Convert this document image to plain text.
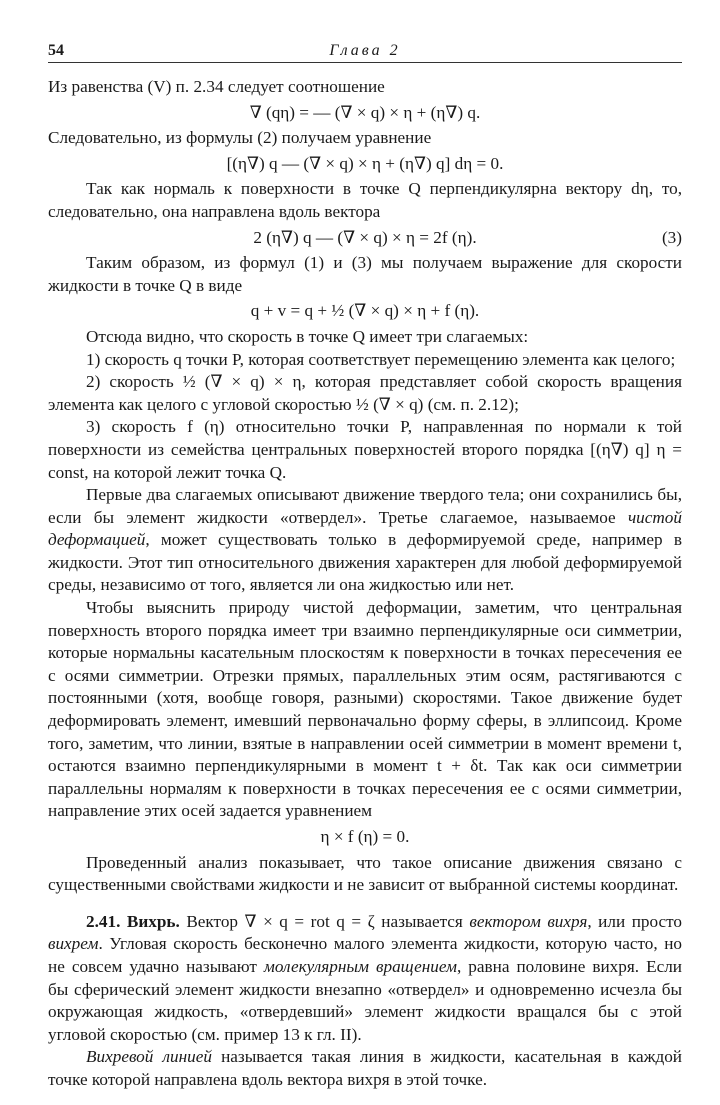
54	Глава 2

Из равенства (V) п. 2.34 следует соотношение

∇ (qη) = — (∇ × q) × η + (η∇) q.

Следовательно, из формулы (2) получаем уравнение

[(η∇) q — (∇ × q) × η + (η∇) q] dη = 0.

Так как нормаль к поверхности в точке Q перпендикулярна вектору dη, то, следовательно, она направлена вдоль вектора

2 (η∇) q — (∇ × q) × η = 2f (η).	(3)

Таким образом, из формул (1) и (3) мы получаем выражение для скорости жидкости в точке Q в виде

q + v = q + ½ (∇ × q) × η + f (η).

Отсюда видно, что скорость в точке Q имеет три слагаемых:

1) скорость q точки P, которая соответствует перемещению элемента как целого;

2) скорость ½ (∇ × q) × η, которая представляет собой скорость вращения элемента как целого с угловой скоростью ½ (∇ × q) (см. п. 2.12);

3) скорость f (η) относительно точки P, направленная по нормали к той поверхности из семейства центральных поверхностей второго порядка [(η∇) q] η = const, на которой лежит точка Q.

Первые два слагаемых описывают движение твердого тела; они сохранились бы, если бы элемент жидкости «отвердел». Третье слагаемое, называемое чистой деформацией, может существовать только в деформируемой среде, например в жидкости. Этот тип относительного движения характерен для любой деформируемой среды, независимо от того, является ли она жидкостью или нет.

Чтобы выяснить природу чистой деформации, заметим, что центральная поверхность второго порядка имеет три взаимно перпендикулярные оси симметрии, которые нормальны касательным плоскостям к поверхности в точках пересечения ее с осями симметрии. Отрезки прямых, параллельных этим осям, растягиваются с постоянными (хотя, вообще говоря, разными) скоростями. Такое движение будет деформировать элемент, имевший первоначально форму сферы, в эллипсоид. Кроме того, заметим, что линии, взятые в направлении осей симметрии в момент времени t, остаются взаимно перпендикулярными в момент t + δt. Так как оси симметрии параллельны нормалям к поверхности в точках пересечения ее с осями симметрии, направление этих осей задается уравнением

η × f (η) = 0.

Проведенный анализ показывает, что такое описание движения связано с существенными свойствами жидкости и не зависит от выбранной системы координат.

2.41. Вихрь. Вектор ∇ × q = rot q = ζ называется вектором вихря, или просто вихрем. Угловая скорость бесконечно малого элемента жидкости, которую часто, но не совсем удачно называют молекулярным вращением, равна половине вихря. Если бы сферический элемент жидкости внезапно «отвердел» и одновременно исчезла бы окружающая жидкость, «отвердевший» элемент жидкости вращался бы с этой угловой скоростью (см. пример 13 к гл. II).

Вихревой линией называется такая линия в жидкости, касательная в каждой точке которой направлена вдоль вектора вихря в этой точке.
